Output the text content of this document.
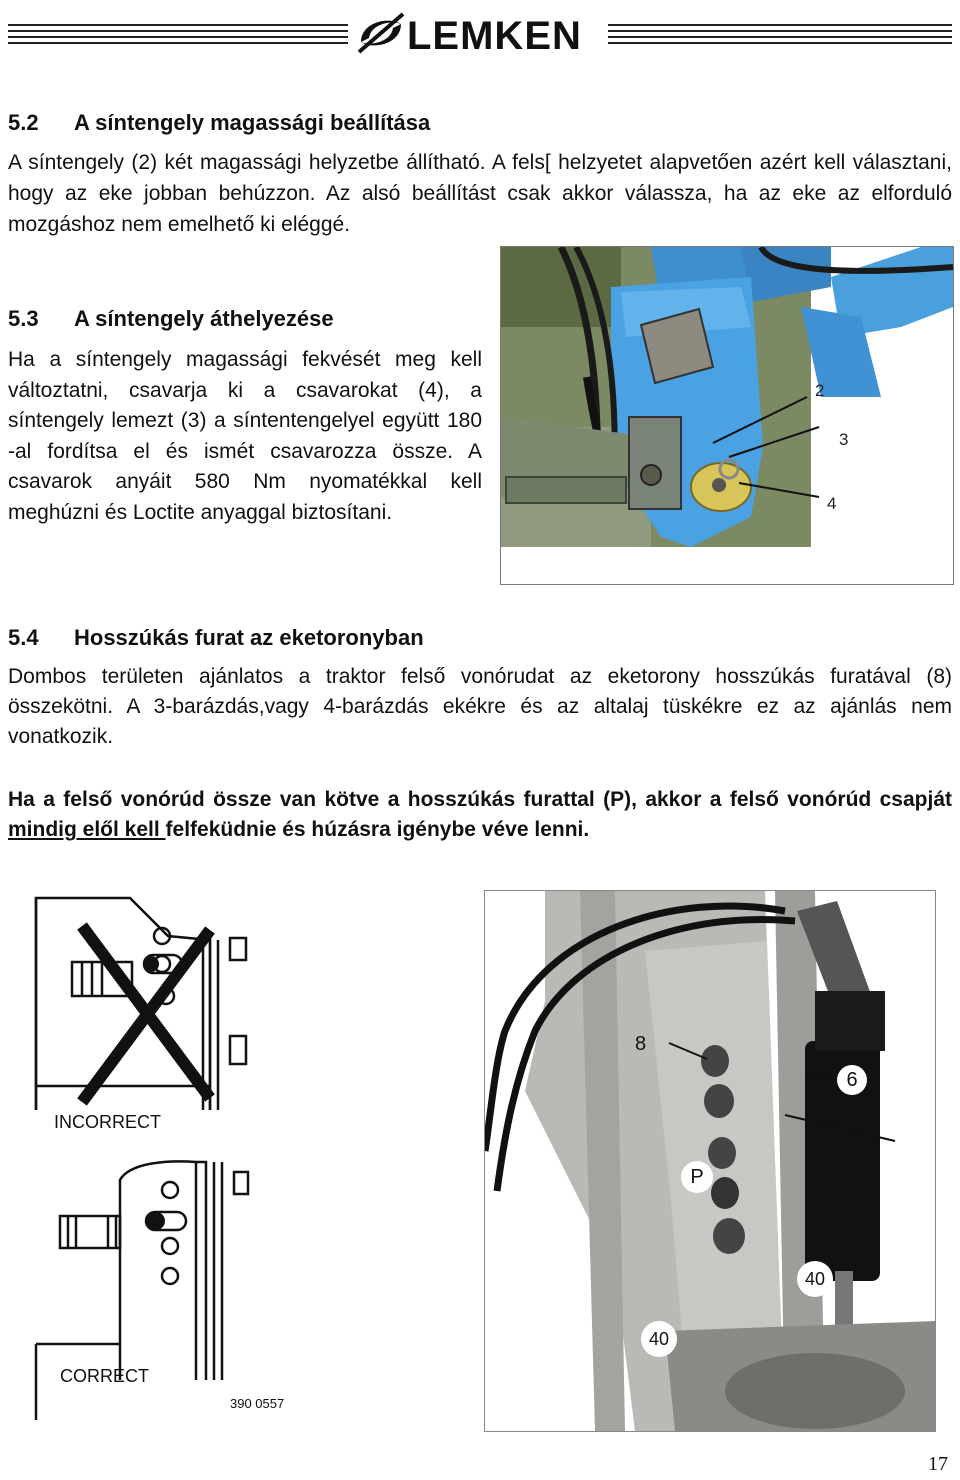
LEMKEN
5.2 A síntengely magassági beállítása

A síntengely (2) két magassági helyzetbe állítható. A fels[ helzyetet alapvetően azért kell választani, hogy az eke jobban behúzzon. Az alsó beállítást csak akkor válassza, ha az eke az elforduló mozgáshoz nem emelhető ki eléggé.

5.3 A síntengely áthelyezése

Ha a síntengely magassági fekvését meg kell változtatni, csavarja ki a csavarokat (4), a síntengely lemezt (3) a síntentengelyel együtt 180 -al fordítsa el és ismét csavarozza össze. A csavarok anyáit 580 Nm nyomatékkal kell meghúzni és Loctite anyaggal biztosítani.

2
3
4
5.4 Hosszúkás furat az eketoronyban

Dombos területen ajánlatos a traktor felső vonórudat az eketorony hosszúkás furatával (8) összekötni. A 3-barázdás,vagy 4-barázdás ekékre és az altalaj tüskékre ez az ajánlás nem vonatkozik.

Ha a felső vonórúd össze van kötve a hosszúkás furattal (P), akkor a felső vonórúd csapját mindig elől kell felfeküdnie és húzásra igénybe véve lenni.

INCORRECT
CORRECT
390 0557
8
6
P
40
40
17
